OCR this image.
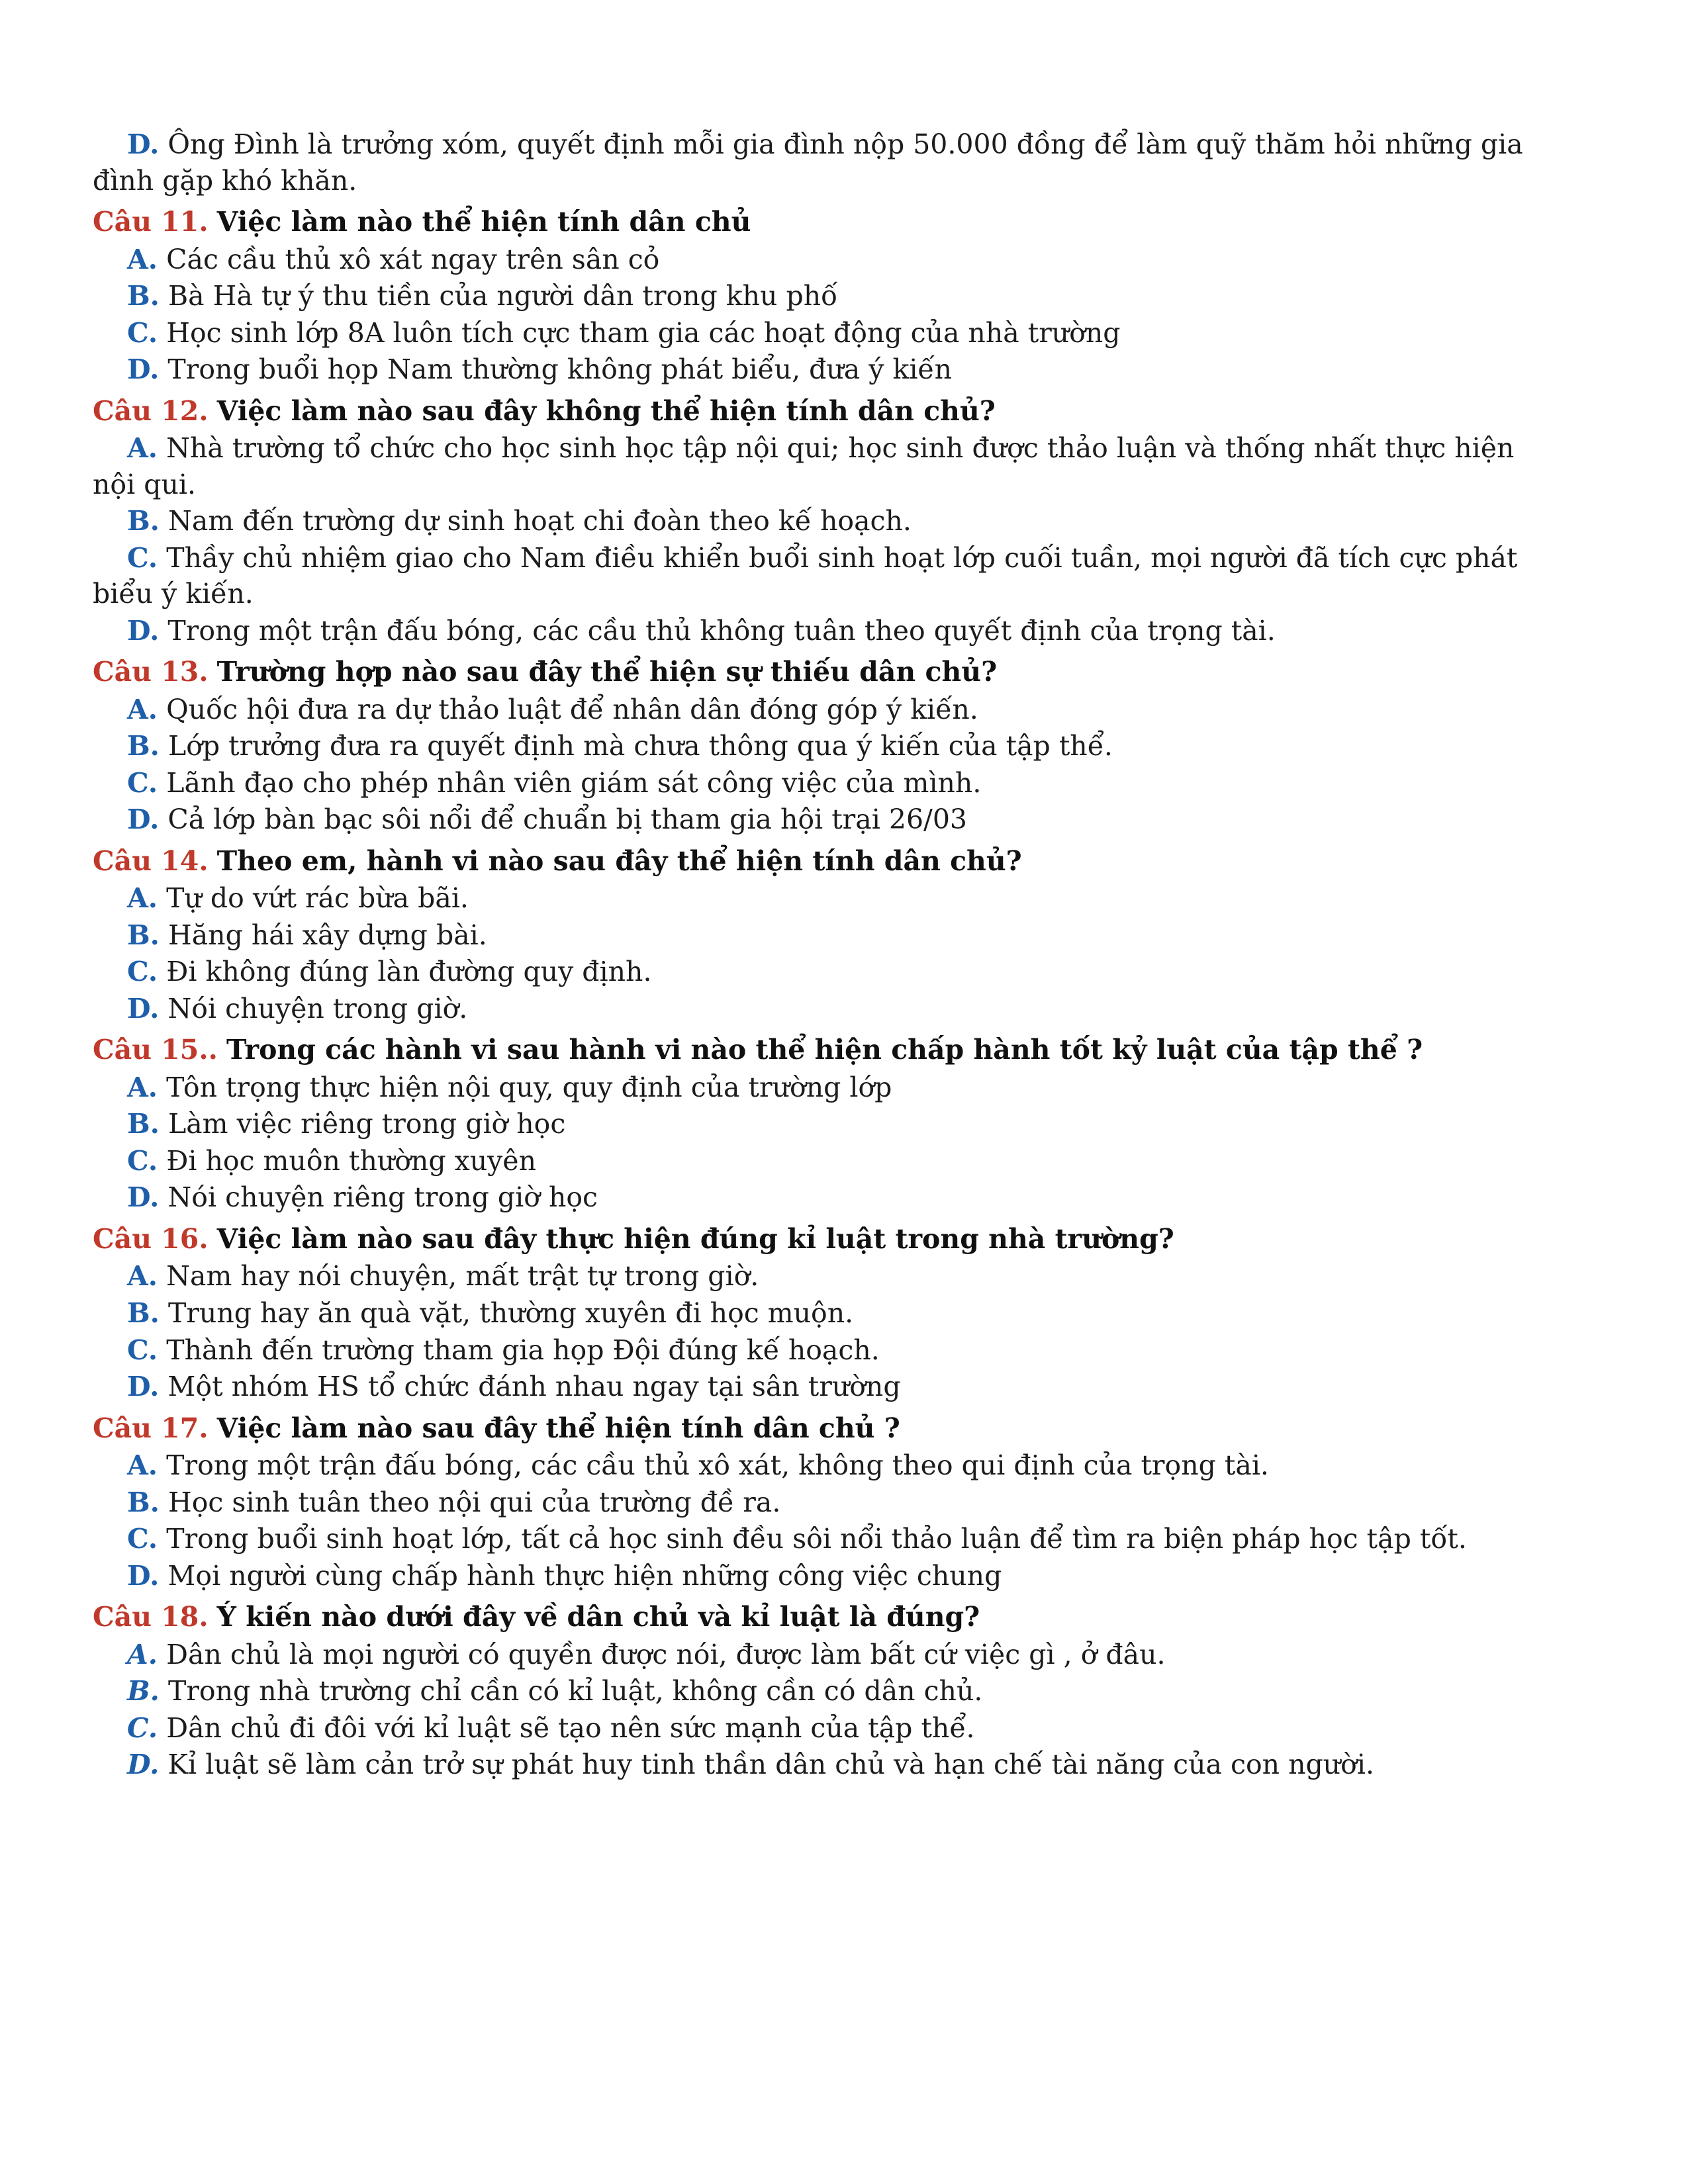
D. Ông Đình là trưởng xóm, quyết định mỗi gia đình nộp 50.000 đồng để làm quỹ thăm hỏi những gia đình gặp khó khăn.

Câu 11. Việc làm nào thể hiện tính dân chủ

A. Các cầu thủ xô xát ngay trên sân cỏ

B. Bà Hà tự ý thu tiền của người dân trong khu phố

C. Học sinh lớp 8A luôn tích cực tham gia các hoạt động của nhà trường

D. Trong buổi họp Nam thường không phát biểu, đưa ý kiến

Câu 12. Việc làm nào sau đây không thể hiện tính dân chủ?

A. Nhà trường tổ chức cho học sinh học tập nội qui; học sinh được thảo luận và thống nhất thực hiện nội qui.

B. Nam đến trường dự sinh hoạt chi đoàn theo kế hoạch.

C. Thầy chủ nhiệm giao cho Nam điều khiển buổi sinh hoạt lớp cuối tuần, mọi người đã tích cực phát biểu ý kiến.

D. Trong một trận đấu bóng, các cầu thủ không tuân theo quyết định của trọng tài.

Câu 13. Trường hợp nào sau đây thể hiện sự thiếu dân chủ?

A. Quốc hội đưa ra dự thảo luật để nhân dân đóng góp ý kiến.

B. Lớp trưởng đưa ra quyết định mà chưa thông qua ý kiến của tập thể.

C. Lãnh đạo cho phép nhân viên giám sát công việc của mình.

D. Cả lớp bàn bạc sôi nổi để chuẩn bị tham gia hội trại 26/03

Câu 14. Theo em, hành vi nào sau đây thể hiện tính dân chủ?

A. Tự do vứt rác bừa bãi.

B. Hăng hái xây dựng bài.

C. Đi không đúng làn đường quy định.

D. Nói chuyện trong giờ.

Câu 15.. Trong các hành vi sau hành vi nào thể hiện chấp hành tốt kỷ luật của tập thể ?

A. Tôn trọng thực hiện nội quy, quy định của trường lớp

B. Làm việc riêng trong giờ học

C. Đi học muôn thường xuyên

D. Nói chuyện riêng trong giờ học

Câu 16. Việc làm nào sau đây thực hiện đúng kỉ luật trong nhà trường?

A. Nam hay nói chuyện, mất trật tự trong giờ.

B. Trung hay ăn quà vặt, thường xuyên đi học muộn.

C. Thành đến trường tham gia họp Đội đúng kế hoạch.

D. Một nhóm HS tổ chức đánh nhau ngay tại sân trường

Câu 17. Việc làm nào sau đây thể hiện tính dân chủ ?

A. Trong một trận đấu bóng, các cầu thủ xô xát, không theo qui định của trọng tài.

B. Học sinh tuân theo nội qui của trường đề ra.

C. Trong buổi sinh hoạt lớp, tất cả học sinh đều sôi nổi thảo luận để tìm ra biện pháp học tập tốt.

D. Mọi người cùng chấp hành thực hiện những công việc chung

Câu 18. Ý kiến nào dưới đây về dân chủ và kỉ luật là đúng?

A. Dân chủ là mọi người có quyền được nói, được làm bất cứ việc gì , ở đâu.

B. Trong nhà trường chỉ cần có kỉ luật, không cần có dân chủ.

C. Dân chủ đi đôi với kỉ luật sẽ tạo nên sức mạnh của tập thể.

D. Kỉ luật sẽ làm cản trở sự phát huy tinh thần dân chủ và hạn chế tài năng của con người.
